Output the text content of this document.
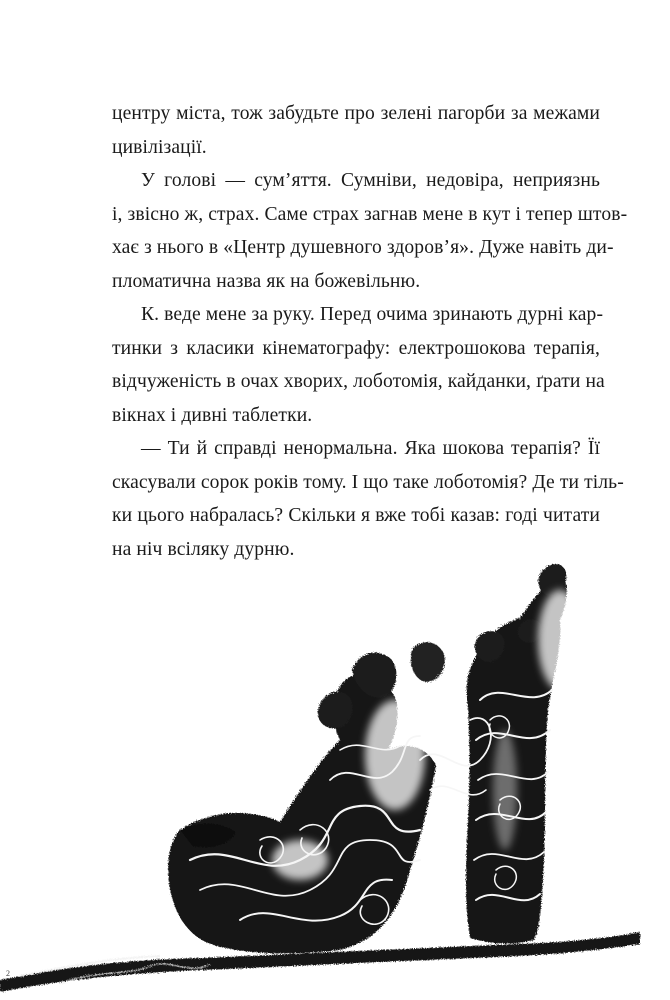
центру міста, тож забудьте про зелені пагорби за межами
цивілізації.

У голові — сум’яття. Сумніви, недовіра, неприязнь
і, звісно ж, страх. Саме страх загнав мене в кут і тепер штов-
хає з нього в «Центр душевного здоров’я». Дуже навіть ди-
пломатична назва як на божевільню.

К. веде мене за руку. Перед очима зринають дурні кар-
тинки з класики кінематографу: електрошокова терапія,
відчуженість в очах хворих, лоботомія, кайданки, ґрати на
вікнах і дивні таблетки.

— Ти й справді ненормальна. Яка шокова терапія? Її
скасували сорок років тому. І що таке лоботомія? Де ти тіль-
ки цього набралась? Скільки я вже тобі казав: годі читати
на ніч всіляку дурню.

2
